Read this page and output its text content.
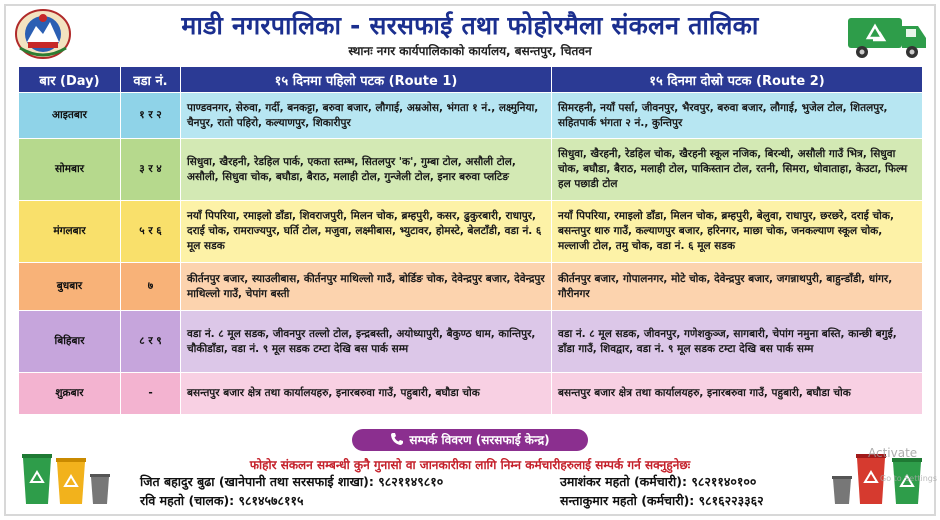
माडी नगरपालिका - सरसफाई तथा फोहोरमैला संकलन तालिका
स्थानः नगर कार्यपालिकाको कार्यालय, बसन्तपुर, चितवन
बार (Day)	वडा नं.	१५ दिनमा पहिलो पटक (Route 1)	१५ दिनमा दोस्रो पटक (Route 2)
आइतबार	१ र २	पाण्डवनगर, सेरुवा, गर्दी, बनकट्टा, बरुवा बजार, लौगाई, अम्रओस, भंगता १ नं., लक्ष्मुनिया, चैनपुर, रातो पहिरो, कल्याणपुर, शिकारीपुर	सिमरहनी, नयाँ पर्सा, जीवनपुर, भैरवपुर, बरुवा बजार, लौगाई, भुजेल टोल, शितलपुर, सहितपार्क भंगता २ नं., कुन्तिपुर
सोमबार	३ र ४	सिधुवा, खैरहनी, रेडहिल पार्क, एकता स्तम्भ, सितलपुर 'क', गुम्बा टोल, असौली टोल, असौली, सिधुवा चोक, बघौडा, बैराठ, मलाही टोल, गुन्जेली टोल, इनार बरुवा प्लटिङ	सिधुवा, खैरहनी, रेडहिल चोक, खैरहनी स्कूल नजिक, बिरन्धी, असौली गाउँ भित्र, सिधुवा चोक, बघौडा, बैराठ, मलाही टोल, पाकिस्तान टोल, रतनी, सिमरा, धोवाताहा, केउटा, फिल्म हल पछाडी टोल
मंगलबार	५ र ६	नयाँ पिपरिया, रमाइलो डाँडा, शिवराजपुरी, मिलन चोक, ब्रम्हपुरी, कसर, ढुकुरबारी, राधापुर, दराई चोक, रामराज्यपुर, घर्ति टोल, मजुवा, लक्ष्मीबास, भ्युटावर, होमस्टे, बेलटाँडी, वडा नं. ६ मूल सडक	नयाँ पिपरिया, रमाइलो डाँडा, मिलन चोक, ब्रम्हपुरी, बेलुवा, राधापुर, छरछरे, दराई चोक, बसन्तपुर थारु गाउँ, कल्याणपुर बजार, हरिनगर, माछा चोक, जनकल्याण स्कूल चोक, मल्लाजी टोल, तमु चोक, वडा नं. ६ मूल सडक
बुधबार	७	कीर्तनपुर बजार, स्याउलीबास, कीर्तनपुर माथिल्लो गाउँ, बोर्डिङ चोक, देवेन्द्रपुर बजार, देवेन्द्रपुर माथिल्लो गाउँ, चेपांग बस्ती	कीर्तनपुर बजार, गोपालनगर, मोटे चोक, देवेन्द्रपुर बजार, जगन्नाथपुरी, बाहुन्डाँडी, धांगर, गौरीनगर
बिहिबार	८ र ९	वडा नं. ८ मूल सडक, जीवनपुर तल्लो टोल, इन्द्रबस्ती, अयोध्यापुरी, बैकुण्ठ धाम, कान्तिपुर, चौकीडाँडा, वडा नं. ९ मूल सडक टम्टा देखि बस पार्क सम्म	वडा नं. ८ मूल सडक, जीवनपुर, गणेशकुञ्ज, सागबारी, चेपांग नमुना बस्ति, कान्छी बगुई, डाँडा गाउँ, शिवद्वार, वडा नं. ९ मूल सडक टम्टा देखि बस पार्क सम्म
शुक्रबार	-	बसन्तपुर बजार क्षेत्र तथा कार्यालयहरु, इनारबरुवा गाउँ, पहुबारी, बघौडा चोक	बसन्तपुर बजार क्षेत्र तथा कार्यालयहरु, इनारबरुवा गाउँ, पहुबारी, बघौडा चोक
सम्पर्क विवरण (सरसफाई केन्द्र)
फोहोर संकलन सम्बन्धी कुनै गुनासो वा जानकारीका लागि निम्न कर्मचारीहरुलाई सम्पर्क गर्न सक्नुहुनेछः
जित बहादुर बुढा (खानेपानी तथा सरसफाई शाखा): ९८२११४९८१०
रवि महतो (चालक): ९८१४५७८११५
उमाशंकर महतो (कर्मचारी): ९८२११४०१००
सन्ताकुमार महतो (कर्मचारी): ९८१६२२३३६२
Activate
Go to Settings
